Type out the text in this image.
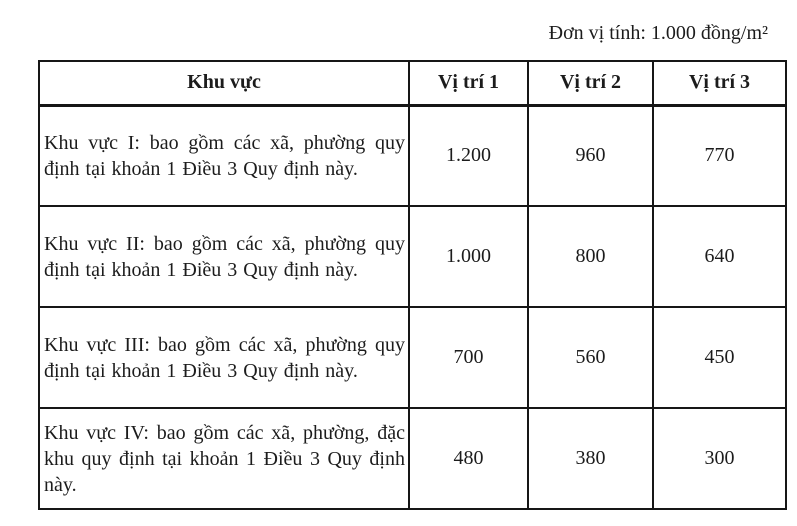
Đơn vị tính: 1.000 đồng/m²
Khu vực	Vị trí 1	Vị trí 2	Vị trí 3
Khu vực I: bao gồm các xã, phường quy định tại khoản 1 Điều 3 Quy định này.	1.200	960	770
Khu vực II: bao gồm các xã, phường quy định tại khoản 1 Điều 3 Quy định này.	1.000	800	640
Khu vực III: bao gồm các xã, phường quy định tại khoản 1 Điều 3 Quy định này.	700	560	450
Khu vực IV: bao gồm các xã, phường, đặc khu quy định tại khoản 1 Điều 3 Quy định này.	480	380	300
